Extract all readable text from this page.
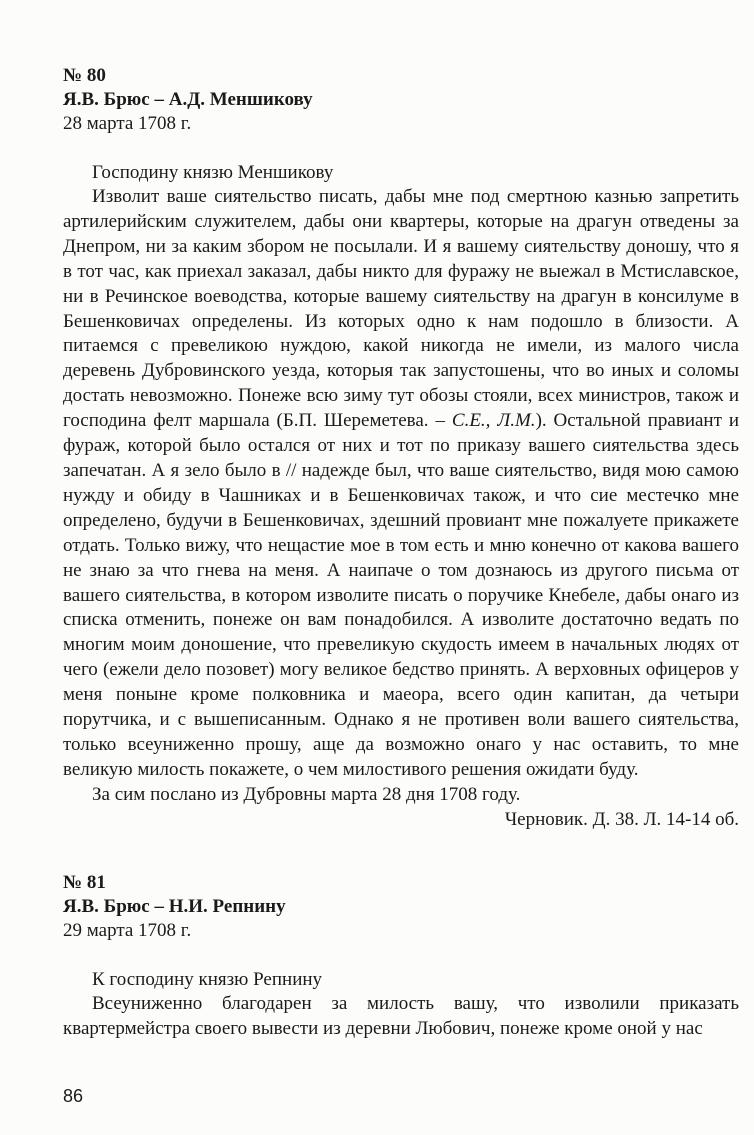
№ 80
Я.В. Брюс – А.Д. Меншикову
28 марта 1708 г.
Господину князю Меншикову

Изволит ваше сиятельство писать, дабы мне под смертною казнью запретить артилерийским служителем, дабы они квартеры, которые на драгун отведены за Днепром, ни за каким збором не посылали. И я вашему сиятельству доношу, что я в тот час, как приехал заказал, дабы никто для фуражу не выежал в Мстиславское, ни в Речинское воеводства, которые вашему сиятельству на драгун в консилуме в Бешенковичах определены. Из которых одно к нам подошло в близости. А питаемся с превеликою нуждою, какой никогда не имели, из малого числа деревень Дубровинского уезда, которыя так запустошены, что во иных и соломы достать невозможно. Понеже всю зиму тут обозы стояли, всех министров, також и господина фелт маршала (Б.П. Шереметева. – С.Е., Л.М.). Остальной правиант и фураж, которой было остался от них и тот по приказу вашего сиятельства здесь запечатан. А я зело было в // надежде был, что ваше сиятельство, видя мою самою нужду и обиду в Чашниках и в Бешенковичах також, и что сие местечко мне определено, будучи в Бешенковичах, здешний провиант мне пожалуете прикажете отдать. Только вижу, что нещастие мое в том есть и мню конечно от какова вашего не знаю за что гнева на меня. А наипаче о том дознаюсь из другого письма от вашего сиятельства, в котором изволите писать о поручике Кнебеле, дабы онаго из списка отменить, понеже он вам понадобился. А изволите достаточно ведать по многим моим доношение, что превеликую скудость имеем в начальных людях от чего (ежели дело позовет) могу великое бедство принять. А верховных офицеров у меня поныне кроме полковника и маеора, всего один капитан, да четыри порутчика, и с вышеписанным. Однако я не противен воли вашего сиятельства, только всеуниженно прошу, аще да возможно онаго у нас оставить, то мне великую милость покажете, о чем милостивого решения ожидати буду.

За сим послано из Дубровны марта 28 дня 1708 году.
Черновик. Д. 38. Л. 14-14 об.
№ 81
Я.В. Брюс – Н.И. Репнину
29 марта 1708 г.
К господину князю Репнину

Всеуниженно благодарен за милость вашу, что изволили приказать квартермейстра своего вывести из деревни Любович, понеже кроме оной у нас

86
